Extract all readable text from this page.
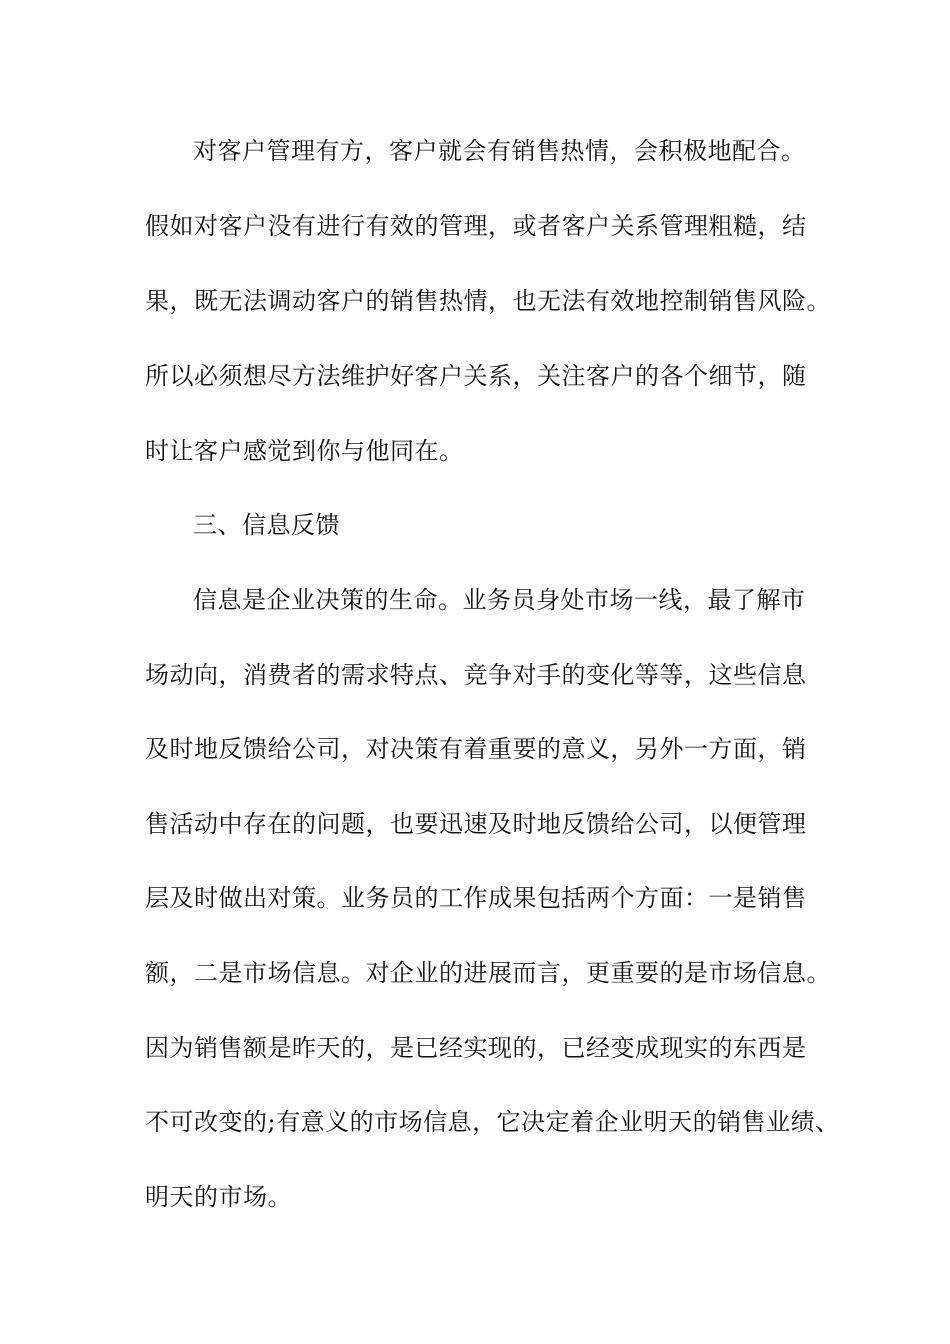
对客户管理有方，客户就会有销售热情，会积极地配合。
假如对客户没有进行有效的管理，或者客户关系管理粗糙，结
果，既无法调动客户的销售热情，也无法有效地控制销售风险。
所以必须想尽方法维护好客户关系，关注客户的各个细节，随
时让客户感觉到你与他同在。
三、信息反馈
信息是企业决策的生命。业务员身处市场一线，最了解市
场动向，消费者的需求特点、竞争对手的变化等等，这些信息
及时地反馈给公司，对决策有着重要的意义，另外一方面，销
售活动中存在的问题，也要迅速及时地反馈给公司，以便管理
层及时做出对策。业务员的工作成果包括两个方面：一是销售
额，二是市场信息。对企业的进展而言，更重要的是市场信息。
因为销售额是昨天的，是已经实现的，已经变成现实的东西是
不可改变的;有意义的市场信息，它决定着企业明天的销售业绩、
明天的市场。
